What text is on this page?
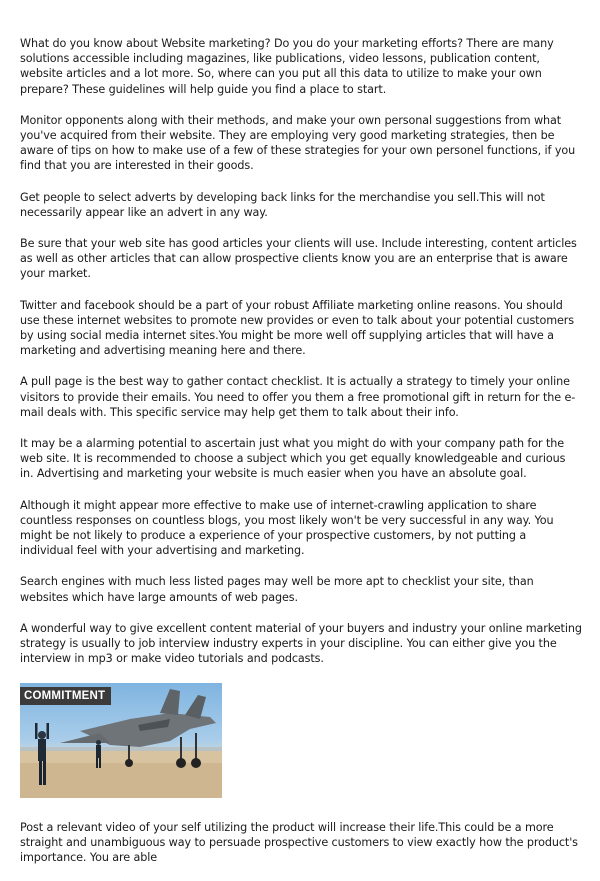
What do you know about Website marketing? Do you do your marketing efforts? There are many solutions accessible including magazines, like publications, video lessons, publication content, website articles and a lot more. So, where can you put all this data to utilize to make your own prepare? These guidelines will help guide you find a place to start.

Monitor opponents along with their methods, and make your own personal suggestions from what you've acquired from their website. They are employing very good marketing strategies, then be aware of tips on how to make use of a few of these strategies for your own personel functions, if you find that you are interested in their goods.

Get people to select adverts by developing back links for the merchandise you sell.This will not necessarily appear like an advert in any way.

Be sure that your web site has good articles your clients will use. Include interesting, content articles as well as other articles that can allow prospective clients know you are an enterprise that is aware your market.

Twitter and facebook should be a part of your robust Affiliate marketing online reasons. You should use these internet websites to promote new provides or even to talk about your potential customers by using social media internet sites.You might be more well off supplying articles that will have a marketing and advertising meaning here and there.

A pull page is the best way to gather contact checklist. It is actually a strategy to timely your online visitors to provide their emails. You need to offer you them a free promotional gift in return for the e-mail deals with. This specific service may help get them to talk about their info.

It may be a alarming potential to ascertain just what you might do with your company path for the web site. It is recommended to choose a subject which you get equally knowledgeable and curious in. Advertising and marketing your website is much easier when you have an absolute goal.

Although it might appear more effective to make use of internet-crawling application to share countless responses on countless blogs, you most likely won't be very successful in any way. You might be not likely to produce a experience of your prospective customers, by not putting a individual feel with your advertising and marketing.

Search engines with much less listed pages may well be more apt to checklist your site, than websites which have large amounts of web pages.

A wonderful way to give excellent content material of your buyers and industry your online marketing strategy is usually to job interview industry experts in your discipline. You can either give you the interview in mp3 or make video tutorials and podcasts.

COMMITMENT

Post a relevant video of your self utilizing the product will increase their life.This could be a more straight and unambiguous way to persuade prospective customers to view exactly how the product's importance. You are able
